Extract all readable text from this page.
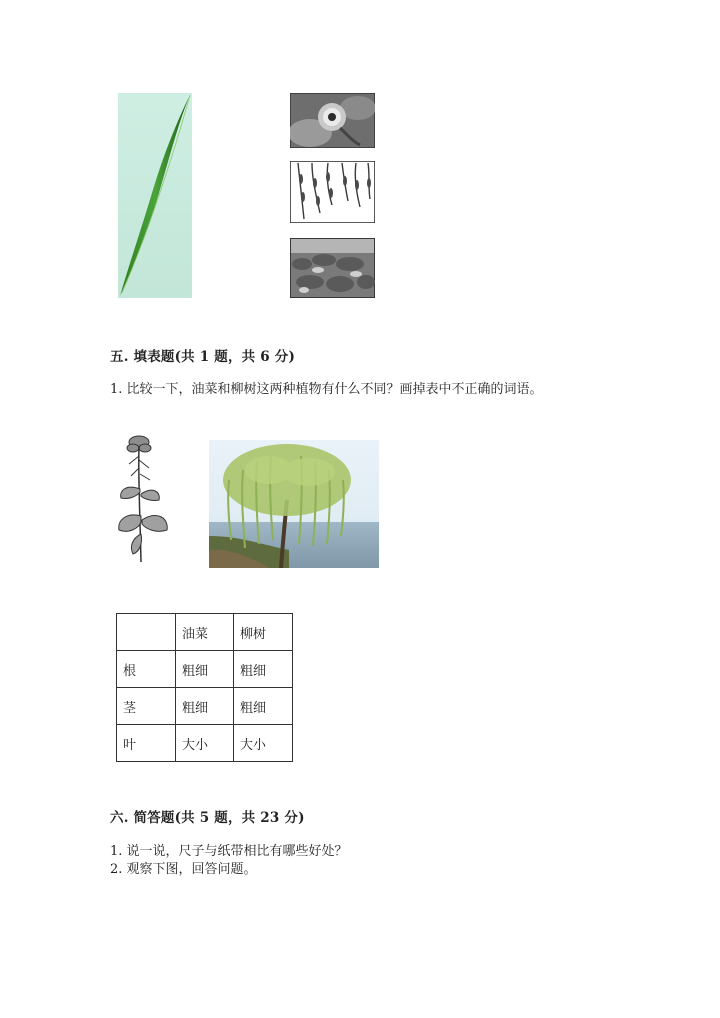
五. 填表题(共 1 题，共 6 分)
1. 比较一下，油菜和柳树这两种植物有什么不同？画掉表中不正确的词语。
	油菜	柳树
根	粗细	粗细
茎	粗细	粗细
叶	大小	大小
六. 简答题(共 5 题，共 23 分)
1. 说一说，尺子与纸带相比有哪些好处？
2. 观察下图，回答问题。
